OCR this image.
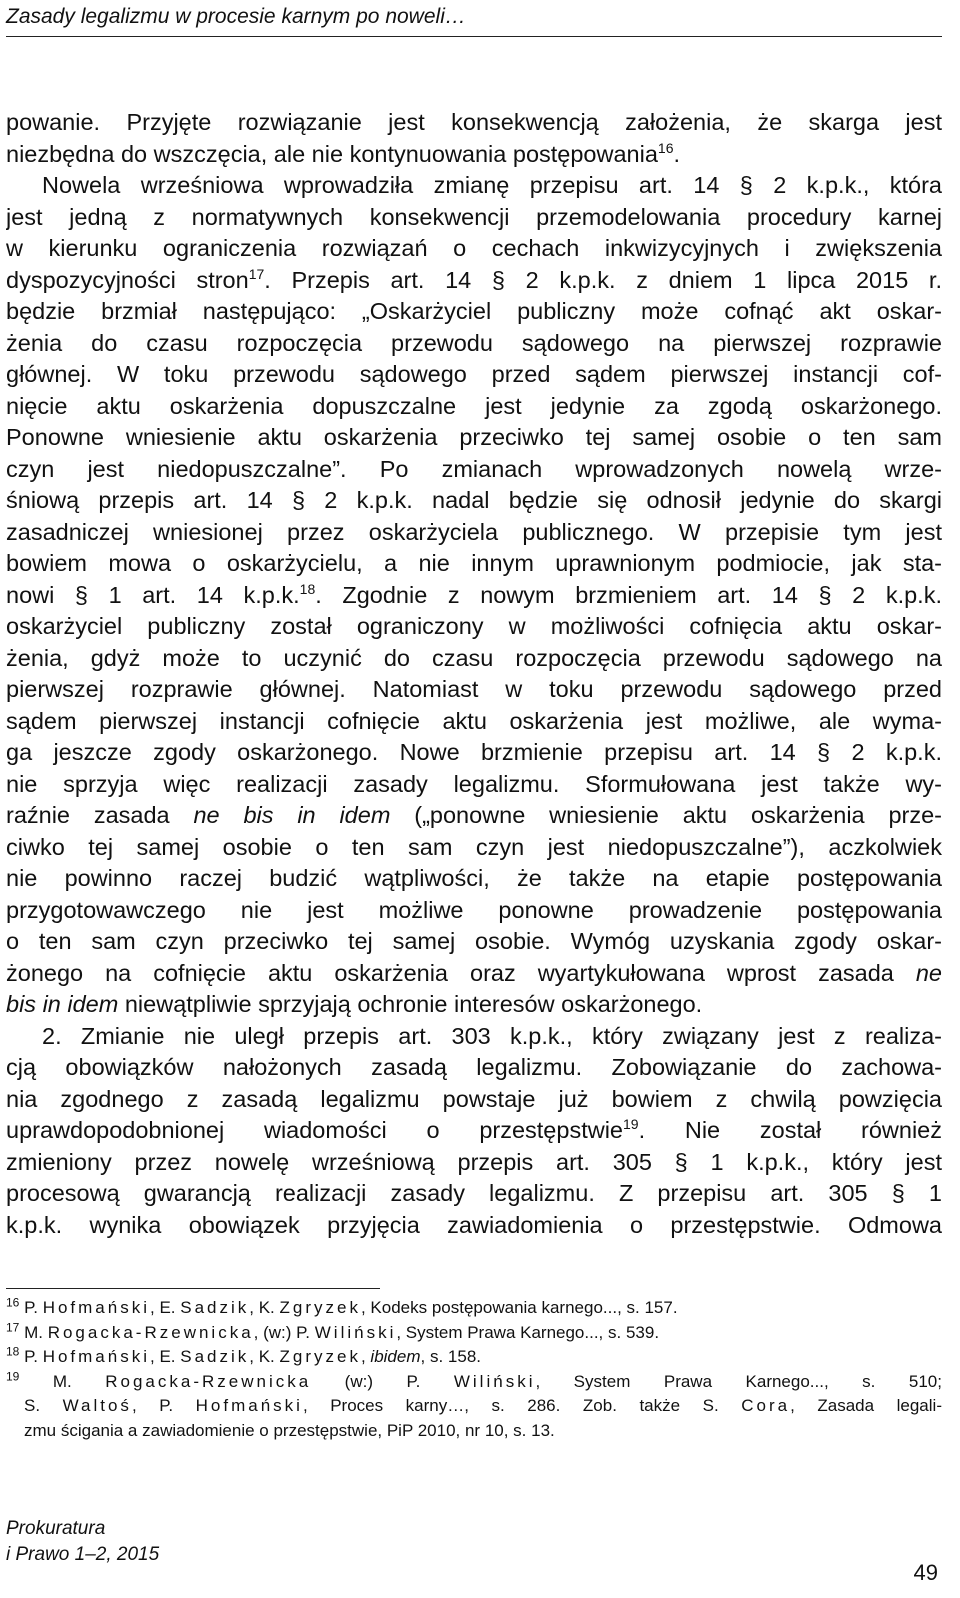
Zasady legalizmu w procesie karnym po noweli…
powanie. Przyjęte rozwiązanie jest konsekwencją założenia, że skarga jest
niezbędna do wszczęcia, ale nie kontynuowania postępowania$^{16}$.
Nowela wrześniowa wprowadziła zmianę przepisu art. 14 § 2 k.p.k., która
jest jedną z normatywnych konsekwencji przemodelowania procedury karnej
w kierunku ograniczenia rozwiązań o cechach inkwizycyjnych i zwiększenia
dyspozycyjności stron$^{17}$. Przepis art. 14 § 2 k.p.k. z dniem 1 lipca 2015 r.
będzie brzmiał następująco: „Oskarżyciel publiczny może cofnąć akt oskar-
żenia do czasu rozpoczęcia przewodu sądowego na pierwszej rozprawie
głównej. W toku przewodu sądowego przed sądem pierwszej instancji cof-
nięcie aktu oskarżenia dopuszczalne jest jedynie za zgodą oskarżonego.
Ponowne wniesienie aktu oskarżenia przeciwko tej samej osobie o ten sam
czyn jest niedopuszczalne”. Po zmianach wprowadzonych nowelą wrze-
śniową przepis art. 14 § 2 k.p.k. nadal będzie się odnosił jedynie do skargi
zasadniczej wniesionej przez oskarżyciela publicznego. W przepisie tym jest
bowiem mowa o oskarżycielu, a nie innym uprawnionym podmiocie, jak sta-
nowi § 1 art. 14 k.p.k.$^{18}$. Zgodnie z nowym brzmieniem art. 14 § 2 k.p.k.
oskarżyciel publiczny został ograniczony w możliwości cofnięcia aktu oskar-
żenia, gdyż może to uczynić do czasu rozpoczęcia przewodu sądowego na
pierwszej rozprawie głównej. Natomiast w toku przewodu sądowego przed
sądem pierwszej instancji cofnięcie aktu oskarżenia jest możliwe, ale wyma-
ga jeszcze zgody oskarżonego. Nowe brzmienie przepisu art. 14 § 2 k.p.k.
nie sprzyja więc realizacji zasady legalizmu. Sformułowana jest także wy-
raźnie zasada ne bis in idem („ponowne wniesienie aktu oskarżenia prze-
ciwko tej samej osobie o ten sam czyn jest niedopuszczalne”), aczkolwiek
nie powinno raczej budzić wątpliwości, że także na etapie postępowania
przygotowawczego nie jest możliwe ponowne prowadzenie postępowania
o ten sam czyn przeciwko tej samej osobie. Wymóg uzyskania zgody oskar-
żonego na cofnięcie aktu oskarżenia oraz wyartykułowana wprost zasada ne
bis in idem niewątpliwie sprzyjają ochronie interesów oskarżonego.
2. Zmianie nie uległ przepis art. 303 k.p.k., który związany jest z realiza-
cją obowiązków nałożonych zasadą legalizmu. Zobowiązanie do zachowa-
nia zgodnego z zasadą legalizmu powstaje już bowiem z chwilą powzięcia
uprawdopodobnionej wiadomości o przestępstwie$^{19}$. Nie został również
zmieniony przez nowelę wrześniową przepis art. 305 § 1 k.p.k., który jest
procesową gwarancją realizacji zasady legalizmu. Z przepisu art. 305 § 1
k.p.k. wynika obowiązek przyjęcia zawiadomienia o przestępstwie. Odmowa
$^{16}$ P. Hofmański, E. Sadzik, K. Zgryzek, Kodeks postępowania karnego..., s. 157.
$^{17}$ M. Rogacka-Rzewnicka, (w:) P. Wiliński, System Prawa Karnego..., s. 539.
$^{18}$ P. Hofmański, E. Sadzik, K. Zgryzek, ibidem, s. 158.
$^{19}$ M. Rogacka-Rzewnicka (w:) P. Wiliński, System Prawa Karnego..., s. 510;
S. Waltoś, P. Hofmański, Proces karny…, s. 286. Zob. także S. Cora, Zasada legali-
zmu ścigania a zawiadomienie o przestępstwie, PiP 2010, nr 10, s. 13.
Prokuratura
i Prawo 1–2, 2015
49
